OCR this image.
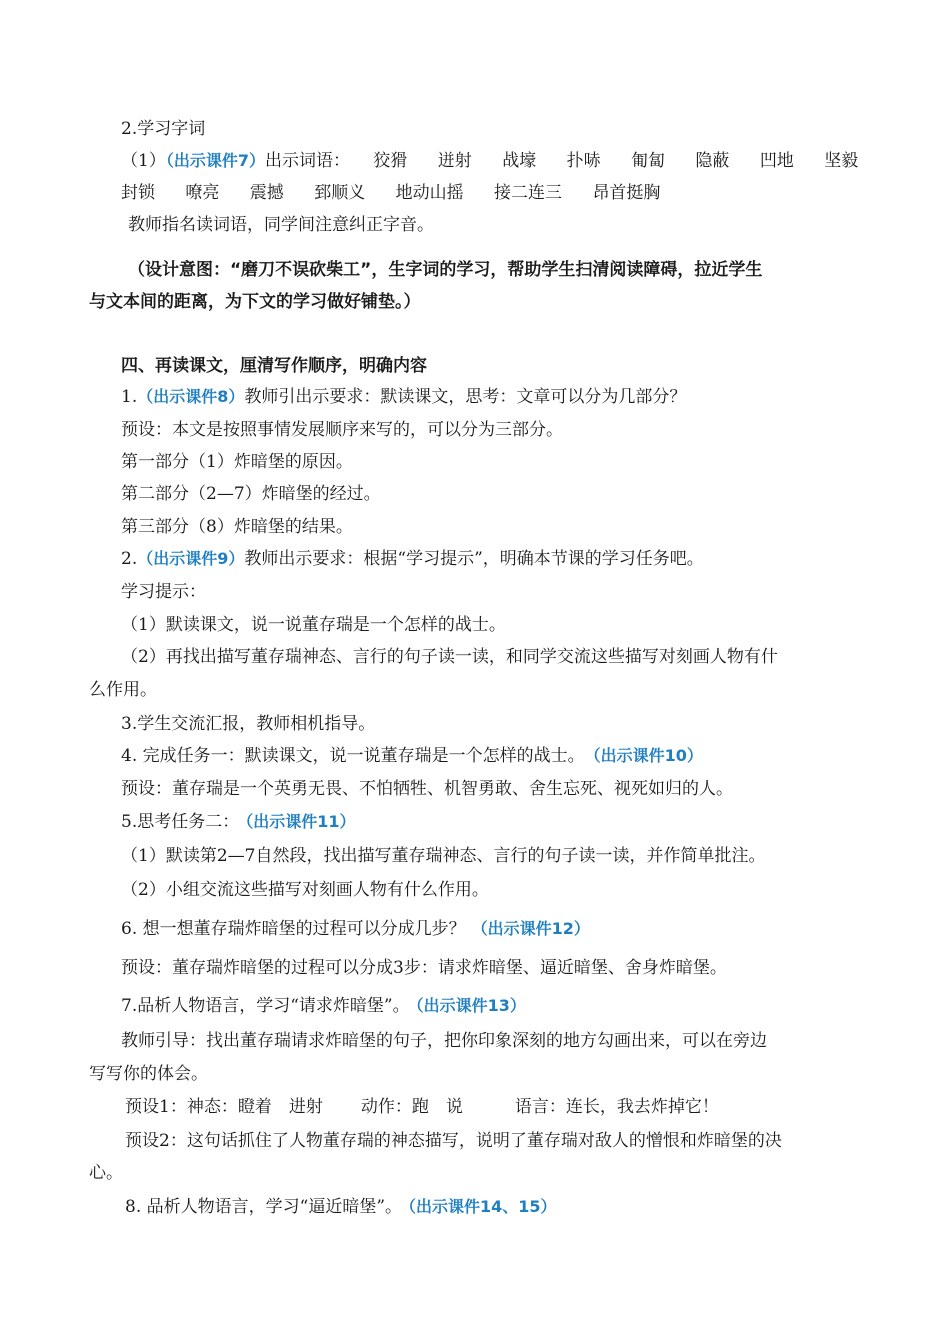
2.学习字词
（1）（出示课件7）出示词语： 狡猾 迸射 战壕 扑哧 匍匐 隐蔽 凹地 坚毅
封锁 嘹亮 震撼 郅顺义 地动山摇 接二连三 昂首挺胸
教师指名读词语，同学间注意纠正字音。
（设计意图：“磨刀不误砍柴工”，生字词的学习，帮助学生扫清阅读障碍，拉近学生
与文本间的距离，为下文的学习做好铺垫。）
四、再读课文，厘清写作顺序，明确内容
1.（出示课件8）教师引出示要求：默读课文，思考：文章可以分为几部分？
预设：本文是按照事情发展顺序来写的，可以分为三部分。
第一部分（1）炸暗堡的原因。
第二部分（2—7）炸暗堡的经过。
第三部分（8）炸暗堡的结果。
2.（出示课件9）教师出示要求：根据“学习提示”，明确本节课的学习任务吧。
学习提示：
（1）默读课文，说一说董存瑞是一个怎样的战士。
（2）再找出描写董存瑞神态、言行的句子读一读，和同学交流这些描写对刻画人物有什
么作用。
3.学生交流汇报，教师相机指导。
4. 完成任务一：默读课文，说一说董存瑞是一个怎样的战士。 （出示课件10）
预设：董存瑞是一个英勇无畏、不怕牺牲、机智勇敢、舍生忘死、视死如归的人。
5.思考任务二： （出示课件11）
（1）默读第2—7自然段，找出描写董存瑞神态、言行的句子读一读，并作简单批注。
（2）小组交流这些描写对刻画人物有什么作用。
6. 想一想董存瑞炸暗堡的过程可以分成几步？ （出示课件12）
预设：董存瑞炸暗堡的过程可以分成3步：请求炸暗堡、逼近暗堡、舍身炸暗堡。
7.品析人物语言，学习“请求炸暗堡”。 （出示课件13）
教师引导：找出董存瑞请求炸暗堡的句子，把你印象深刻的地方勾画出来，可以在旁边
写写你的体会。
预设1：神态：瞪着　进射 动作：跑　说	语言：连长，我去炸掉它！
预设2：这句话抓住了人物董存瑞的神态描写，说明了董存瑞对敌人的憎恨和炸暗堡的决
心。
8. 品析人物语言，学习“逼近暗堡”。 （出示课件14、15）
